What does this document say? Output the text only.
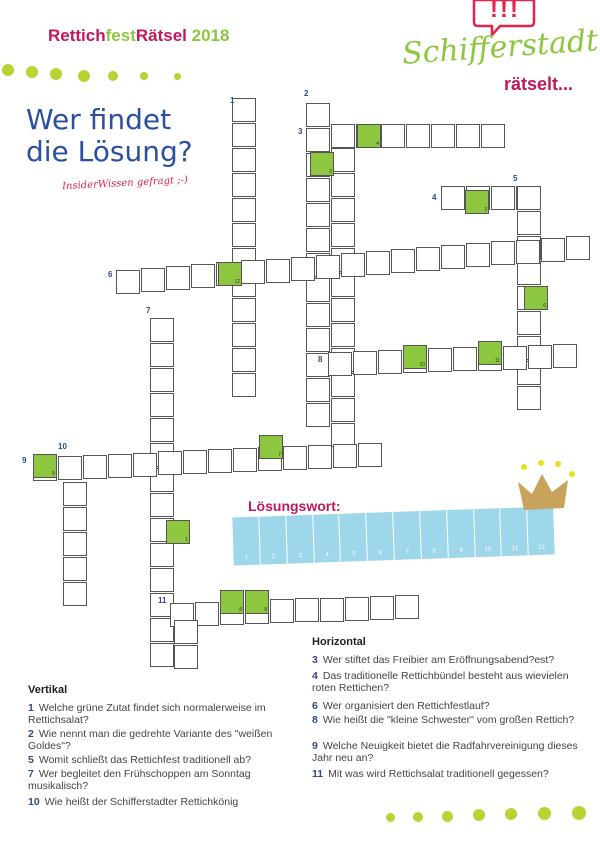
RettichfestRätsel 2018
!!!
Schifferstadt
rätselt...
Wer findet
die Lösung?
InsiderWissen gefragt ;-)
4
2
3
12
6
10
11
7
5
1
8	9
1
2
3
4
5
6
7
8
9
10
11
Lösungswort:
1	2	3	4	5	6	7	8	9	10	11	12
Vertikal
1 Welche grüne Zutat findet sich normalerweise im Rettichsalat?
2 Wie nennt man die gedrehte Variante des "weißen Goldes"?
5 Womit schließt das Rettichfest traditionell ab?
7 Wer begleitet den Frühschoppen am Sonntag musikalisch?
10 Wie heißt der Schifferstadter Rettichkönig
Horizontal
3 Wer stiftet das Freibier am Eröffnungsabend?est?
4 Das traditionelle Rettichbündel besteht aus wievielen roten Rettichen?
6 Wer organisiert den Rettichfestlauf?
8 Wie heißt die "kleine Schwester" vom großen Rettich?
9 Welche Neuigkeit bietet die Radfahrvereinigung dieses Jahr neu an?
11 Mit was wird Rettichsalat traditionell gegessen?
